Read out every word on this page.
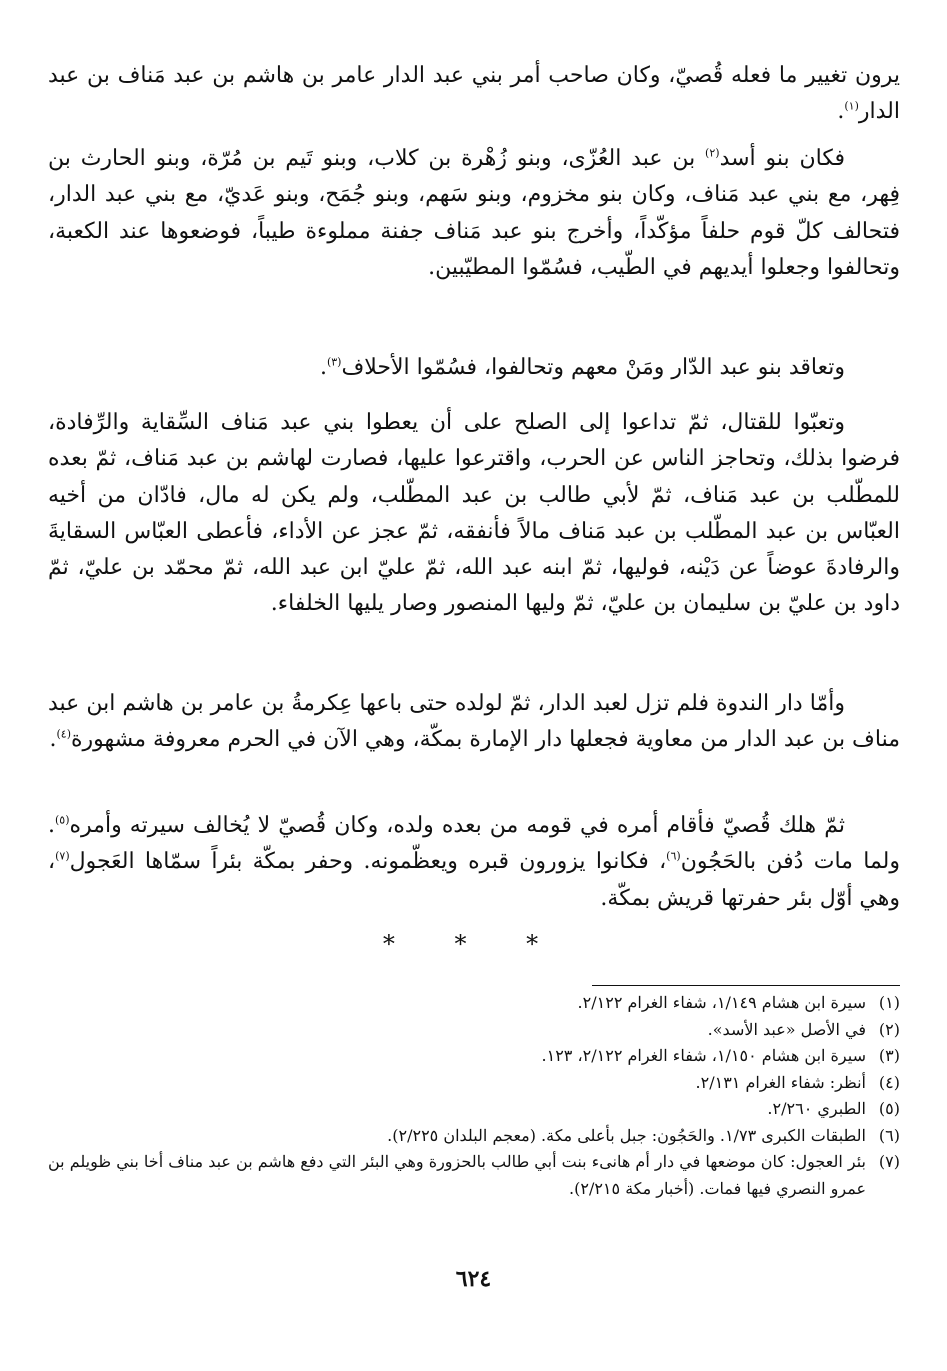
يرون تغيير ما فعله قُصيّ، وكان صاحب أمر بني عبد الدار عامر بن هاشم بن عبد مَناف بن عبد الدار$^{(١)}$.
فكان بنو أسد$^{(٢)}$ بن عبد العُزّى، وبنو زُهْرة بن كلاب، وبنو تَيم بن مُرّة، وبنو الحارث بن فِهر، مع بني عبد مَناف، وكان بنو مخزوم، وبنو سَهم، وبنو جُمَح، وبنو عَديّ، مع بني عبد الدار، فتحالف كلّ قوم حلفاً مؤكّداً، وأخرج بنو عبد مَناف جفنة مملوءة طيباً، فوضعوها عند الكعبة، وتحالفوا وجعلوا أيديهم في الطّيب، فسُمّوا المطيّبين.
وتعاقد بنو عبد الدّار ومَنْ معهم وتحالفوا، فسُمّوا الأحلاف$^{(٣)}$.
وتعبّوا للقتال، ثمّ تداعوا إلى الصلح على أن يعطوا بني عبد مَناف السِّقاية والرِّفادة، فرضوا بذلك، وتحاجز الناس عن الحرب، واقترعوا عليها، فصارت لهاشم بن عبد مَناف، ثمّ بعده للمطّلب بن عبد مَناف، ثمّ لأبي طالب بن عبد المطّلب، ولم يكن له مال، فادّان من أخيه العبّاس بن عبد المطّلب بن عبد مَناف مالاً فأنفقه، ثمّ عجز عن الأداء، فأعطى العبّاس السقايةَ والرفادةَ عوضاً عن دَيْنه، فوليها، ثمّ ابنه عبد الله، ثمّ عليّ ابن عبد الله، ثمّ محمّد بن عليّ، ثمّ داود بن عليّ بن سليمان بن عليّ، ثمّ وليها المنصور وصار يليها الخلفاء.
وأمّا دار الندوة فلم تزل لعبد الدار، ثمّ لولده حتى باعها عِكرمةُ بن عامر بن هاشم ابن عبد مناف بن عبد الدار من معاوية فجعلها دار الإمارة بمكّة، وهي الآن في الحرم معروفة مشهورة$^{(٤)}$.
ثمّ هلك قُصيّ فأقام أمره في قومه من بعده ولده، وكان قُصيّ لا يُخالف سيرته وأمره$^{(٥)}$. ولما مات دُفن بالحَجُون$^{(٦)}$، فكانوا يزورون قبره ويعظّمونه. وحفر بمكّة بئراً سمّاها العَجول$^{(٧)}$، وهي أوّل بئر حفرتها قريش بمكّة.
* * *
(١)
سيرة ابن هشام ١/١٤٩، شفاء الغرام ٢/١٢٢.
(٢)
في الأصل «عبد الأسد».
(٣)
سيرة ابن هشام ١/١٥٠، شفاء الغرام ٢/١٢٢، ١٢٣.
(٤)
أنظر: شفاء الغرام ٢/١٣١.
(٥)
الطبري ٢/٢٦٠.
(٦)
الطبقات الكبرى ١/٧٣. والحَجُون: جبل بأعلى مكة. (معجم البلدان ٢/٢٢٥).
(٧)
بئر العجول: كان موضعها في دار أم هانىء بنت أبي طالب بالحزورة وهي البئر التي دفع هاشم بن عبد مناف أخا بني ظويلم بن عمرو النصري فيها فمات. (أخبار مكة ٢/٢١٥).
٦٢٤
